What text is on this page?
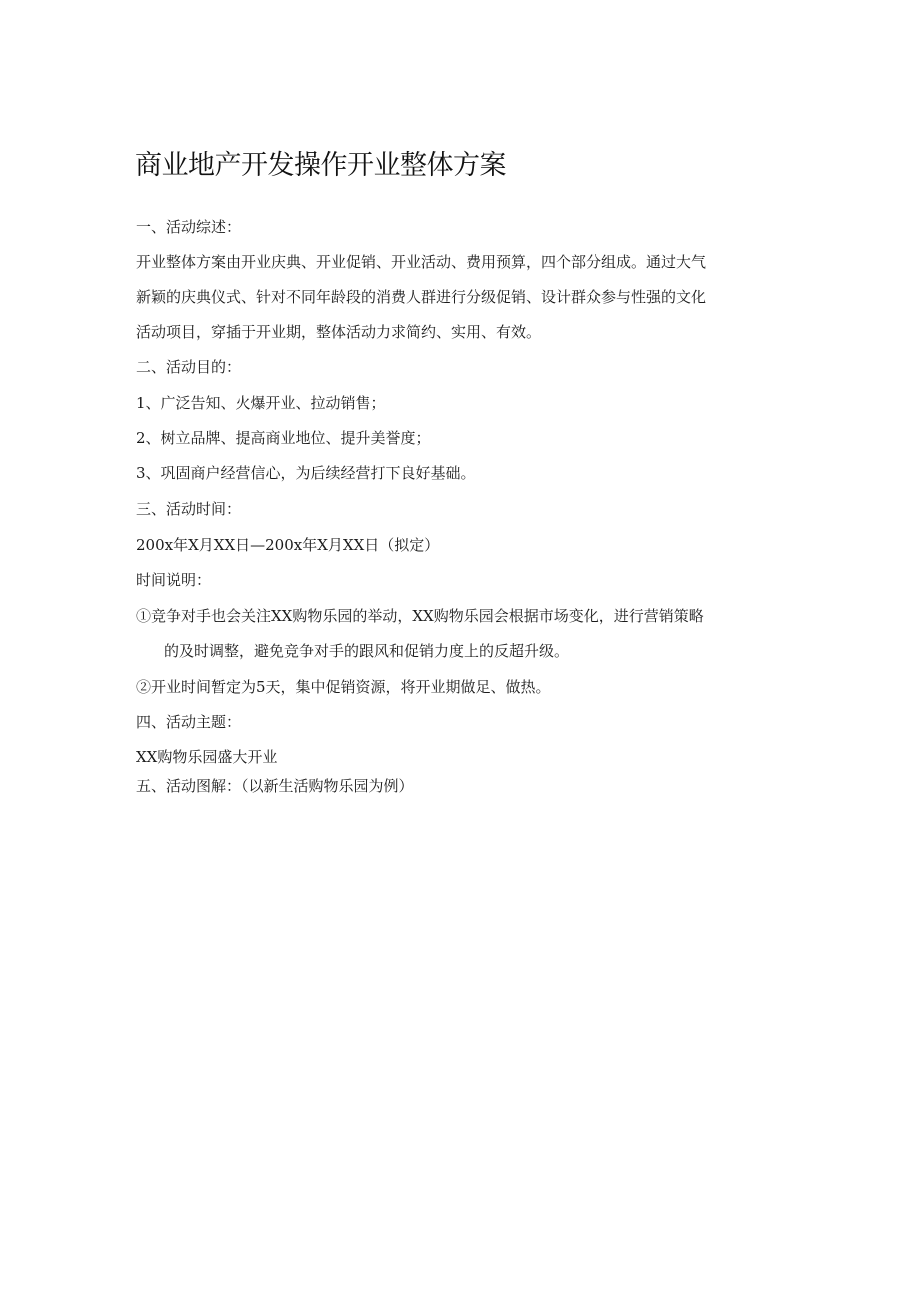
商业地产开发操作开业整体方案
一、活动综述：
开业整体方案由开业庆典、开业促销、开业活动、费用预算，四个部分组成。通过大气
新颖的庆典仪式、针对不同年龄段的消费人群进行分级促销、设计群众参与性强的文化
活动项目，穿插于开业期，整体活动力求简约、实用、有效。
二、活动目的：
1、广泛告知、火爆开业、拉动销售；
2、树立品牌、提高商业地位、提升美誉度；
3、巩固商户经营信心，为后续经营打下良好基础。
三、活动时间：
200x年X月XX日—200x年X月XX日（拟定）
时间说明：
①竞争对手也会关注XX购物乐园的举动，XX购物乐园会根据市场变化，进行营销策略
的及时调整，避免竞争对手的跟风和促销力度上的反超升级。
②开业时间暂定为5天，集中促销资源，将开业期做足、做热。
四、活动主题：
XX购物乐园盛大开业
五、活动图解：（以新生活购物乐园为例）
